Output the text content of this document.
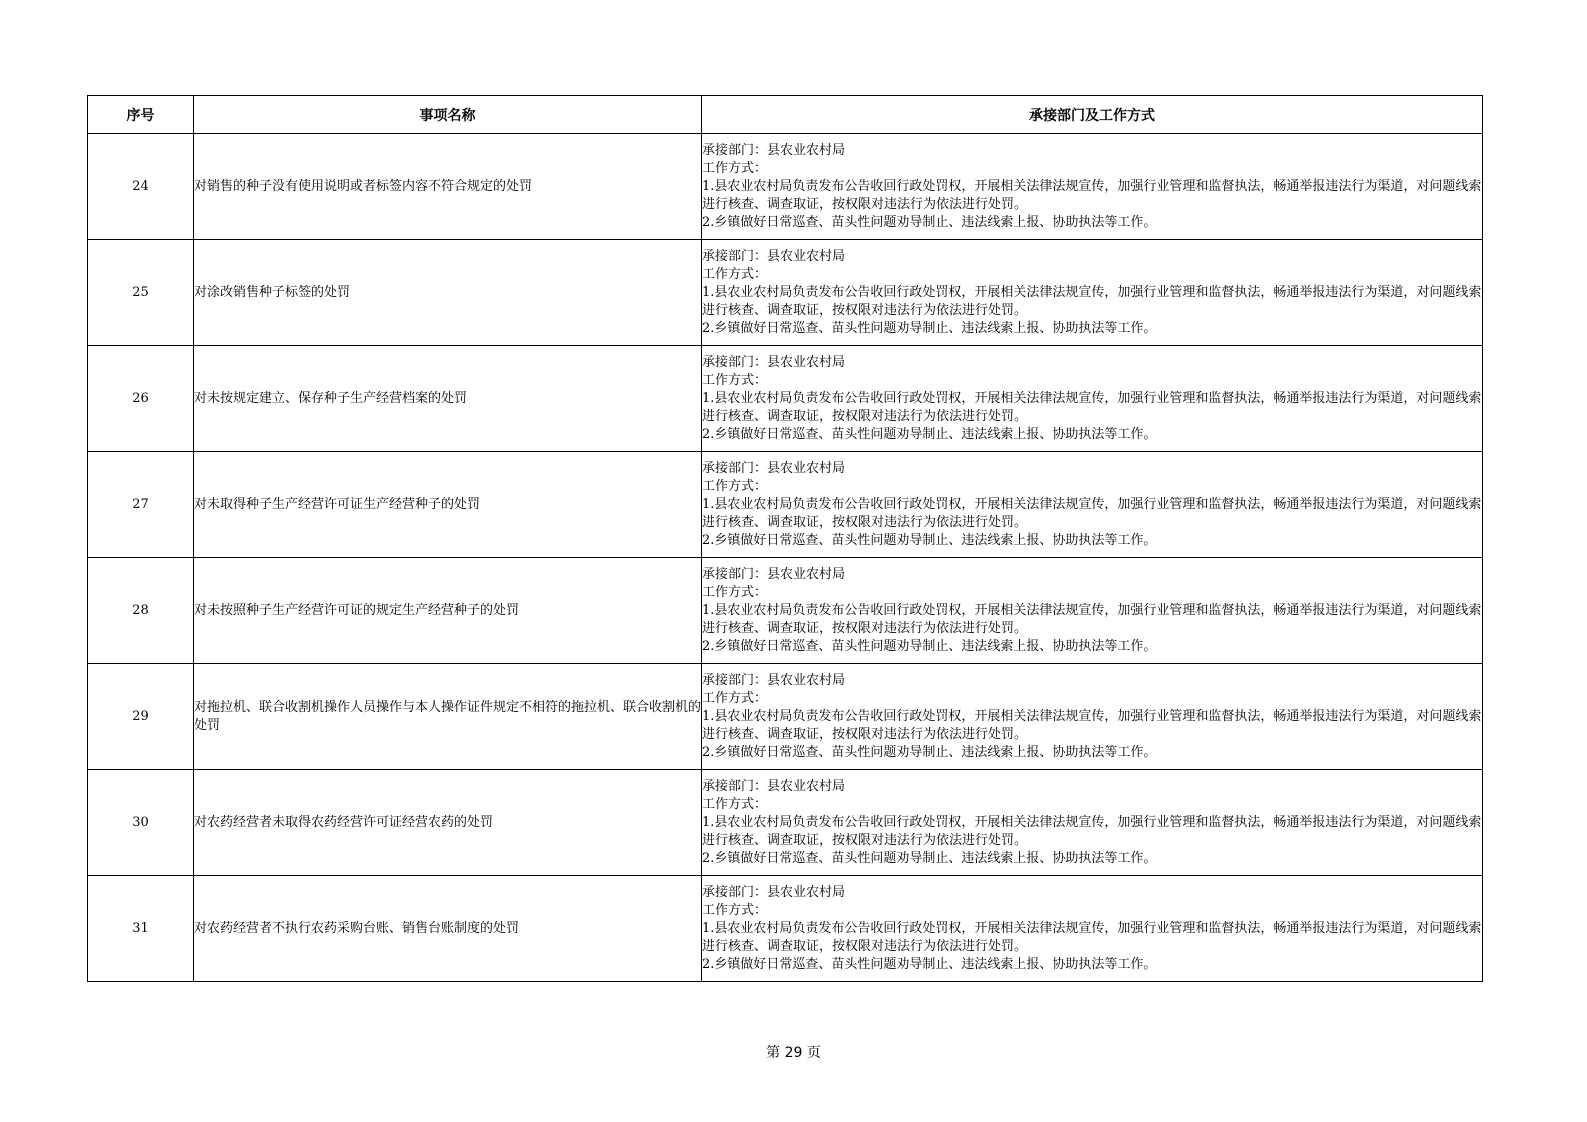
序号	事项名称	承接部门及工作方式
24	对销售的种子没有使用说明或者标签内容不符合规定的处罚	承接部门：县农业农村局
工作方式：
1.县农业农村局负责发布公告收回行政处罚权，开展相关法律法规宣传，加强行业管理和监督执法，畅通举报违法行为渠道，对问题线索进行核查、调查取证，按权限对违法行为依法进行处罚。
2.乡镇做好日常巡查、苗头性问题劝导制止、违法线索上报、协助执法等工作。

25	对涂改销售种子标签的处罚	承接部门：县农业农村局
工作方式：
1.县农业农村局负责发布公告收回行政处罚权，开展相关法律法规宣传，加强行业管理和监督执法，畅通举报违法行为渠道，对问题线索进行核查、调查取证，按权限对违法行为依法进行处罚。
2.乡镇做好日常巡查、苗头性问题劝导制止、违法线索上报、协助执法等工作。

26	对未按规定建立、保存种子生产经营档案的处罚	承接部门：县农业农村局
工作方式：
1.县农业农村局负责发布公告收回行政处罚权，开展相关法律法规宣传，加强行业管理和监督执法，畅通举报违法行为渠道，对问题线索进行核查、调查取证，按权限对违法行为依法进行处罚。
2.乡镇做好日常巡查、苗头性问题劝导制止、违法线索上报、协助执法等工作。

27	对未取得种子生产经营许可证生产经营种子的处罚	承接部门：县农业农村局
工作方式：
1.县农业农村局负责发布公告收回行政处罚权，开展相关法律法规宣传，加强行业管理和监督执法，畅通举报违法行为渠道，对问题线索进行核查、调查取证，按权限对违法行为依法进行处罚。
2.乡镇做好日常巡查、苗头性问题劝导制止、违法线索上报、协助执法等工作。

28	对未按照种子生产经营许可证的规定生产经营种子的处罚	承接部门：县农业农村局
工作方式：
1.县农业农村局负责发布公告收回行政处罚权，开展相关法律法规宣传，加强行业管理和监督执法，畅通举报违法行为渠道，对问题线索进行核查、调查取证，按权限对违法行为依法进行处罚。
2.乡镇做好日常巡查、苗头性问题劝导制止、违法线索上报、协助执法等工作。

29	对拖拉机、联合收割机操作人员操作与本人操作证件规定不相符的拖拉机、联合收割机的处罚	承接部门：县农业农村局
工作方式：
1.县农业农村局负责发布公告收回行政处罚权，开展相关法律法规宣传，加强行业管理和监督执法，畅通举报违法行为渠道，对问题线索进行核查、调查取证，按权限对违法行为依法进行处罚。
2.乡镇做好日常巡查、苗头性问题劝导制止、违法线索上报、协助执法等工作。

30	对农药经营者未取得农药经营许可证经营农药的处罚	承接部门：县农业农村局
工作方式：
1.县农业农村局负责发布公告收回行政处罚权，开展相关法律法规宣传，加强行业管理和监督执法，畅通举报违法行为渠道，对问题线索进行核查、调查取证，按权限对违法行为依法进行处罚。
2.乡镇做好日常巡查、苗头性问题劝导制止、违法线索上报、协助执法等工作。

31	对农药经营者不执行农药采购台账、销售台账制度的处罚	承接部门：县农业农村局
工作方式：
1.县农业农村局负责发布公告收回行政处罚权，开展相关法律法规宣传，加强行业管理和监督执法，畅通举报违法行为渠道，对问题线索进行核查、调查取证，按权限对违法行为依法进行处罚。
2.乡镇做好日常巡查、苗头性问题劝导制止、违法线索上报、协助执法等工作。
第 29 页
